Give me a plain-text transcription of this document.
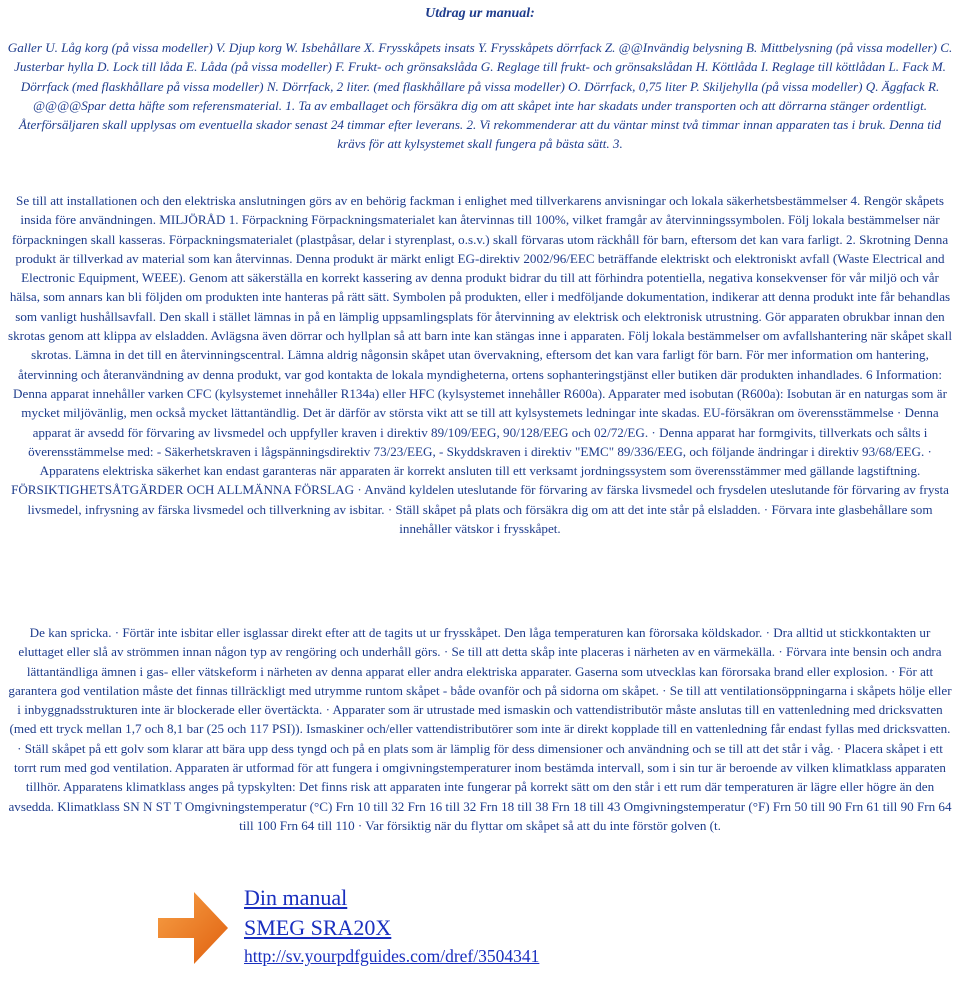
Utdrag ur manual:
Galler U. Låg korg (på vissa modeller) V. Djup korg W. Isbehållare X. Frysskåpets insats Y. Frysskåpets dörrfack Z. @@Invändig belysning B. Mittbelysning (på vissa modeller) C. Justerbar hylla D. Lock till låda E. Låda (på vissa modeller) F. Frukt- och grönsakslåda G. Reglage till frukt- och grönsakslådan H. Köttlåda I. Reglage till köttlådan L. Fack M. Dörrfack (med flaskhållare på vissa modeller) N. Dörrfack, 2 liter. (med flaskhållare på vissa modeller) O. Dörrfack, 0,75 liter P. Skiljehylla (på vissa modeller) Q. Äggfack R. @@@@Spar detta häfte som referensmaterial. 1. Ta av emballaget och försäkra dig om att skåpet inte har skadats under transporten och att dörrarna stänger ordentligt. Återförsäljaren skall upplysas om eventuella skador senast 24 timmar efter leverans. 2. Vi rekommenderar att du väntar minst två timmar innan apparaten tas i bruk. Denna tid krävs för att kylsystemet skall fungera på bästa sätt. 3.
Se till att installationen och den elektriska anslutningen görs av en behörig fackman i enlighet med tillverkarens anvisningar och lokala säkerhetsbestämmelser 4. Rengör skåpets insida före användningen. MILJÖRÅD 1. Förpackning Förpackningsmaterialet kan återvinnas till 100%, vilket framgår av återvinningssymbolen. Följ lokala bestämmelser när förpackningen skall kasseras. Förpackningsmaterialet (plastpåsar, delar i styrenplast, o.s.v.) skall förvaras utom räckhåll för barn, eftersom det kan vara farligt. 2. Skrotning Denna produkt är tillverkad av material som kan återvinnas. Denna produkt är märkt enligt EG-direktiv 2002/96/EEC beträffande elektriskt och elektroniskt avfall (Waste Electrical and Electronic Equipment, WEEE). Genom att säkerställa en korrekt kassering av denna produkt bidrar du till att förhindra potentiella, negativa konsekvenser för vår miljö och vår hälsa, som annars kan bli följden om produkten inte hanteras på rätt sätt. Symbolen på produkten, eller i medföljande dokumentation, indikerar att denna produkt inte får behandlas som vanligt hushållsavfall. Den skall i stället lämnas in på en lämplig uppsamlingsplats för återvinning av elektrisk och elektronisk utrustning. Gör apparaten obrukbar innan den skrotas genom att klippa av elsladden. Avlägsna även dörrar och hyllplan så att barn inte kan stängas inne i apparaten. Följ lokala bestämmelser om avfallshantering när skåpet skall skrotas. Lämna in det till en återvinningscentral. Lämna aldrig någonsin skåpet utan övervakning, eftersom det kan vara farligt för barn. För mer information om hantering, återvinning och återanvändning av denna produkt, var god kontakta de lokala myndigheterna, ortens sophanteringstjänst eller butiken där produkten inhandlades. 6 Information: Denna apparat innehåller varken CFC (kylsystemet innehåller R134a) eller HFC (kylsystemet innehåller R600a). Apparater med isobutan (R600a): Isobutan är en naturgas som är mycket miljövänlig, men också mycket lättantändlig. Det är därför av största vikt att se till att kylsystemets ledningar inte skadas. EU-försäkran om överensstämmelse · Denna apparat är avsedd för förvaring av livsmedel och uppfyller kraven i direktiv 89/109/EEG, 90/128/EEG och 02/72/EG. · Denna apparat har formgivits, tillverkats och sålts i överensstämmelse med: - Säkerhetskraven i lågspänningsdirektiv 73/23/EEG, - Skyddskraven i direktiv "EMC" 89/336/EEG, och följande ändringar i direktiv 93/68/EEG. · Apparatens elektriska säkerhet kan endast garanteras när apparaten är korrekt ansluten till ett verksamt jordningssystem som överensstämmer med gällande lagstiftning. FÖRSIKTIGHETSÅTGÄRDER OCH ALLMÄNNA FÖRSLAG · Använd kyldelen uteslutande för förvaring av färska livsmedel och frysdelen uteslutande för förvaring av frysta livsmedel, infrysning av färska livsmedel och tillverkning av isbitar. · Ställ skåpet på plats och försäkra dig om att det inte står på elsladden. · Förvara inte glasbehållare som innehåller vätskor i frysskåpet.
De kan spricka. · Förtär inte isbitar eller isglassar direkt efter att de tagits ut ur frysskåpet. Den låga temperaturen kan förorsaka köldskador. · Dra alltid ut stickkontakten ur eluttaget eller slå av strömmen innan någon typ av rengöring och underhåll görs. · Se till att detta skåp inte placeras i närheten av en värmekälla. · Förvara inte bensin och andra lättantändliga ämnen i gas- eller vätskeform i närheten av denna apparat eller andra elektriska apparater. Gaserna som utvecklas kan förorsaka brand eller explosion. · För att garantera god ventilation måste det finnas tillräckligt med utrymme runtom skåpet - både ovanför och på sidorna om skåpet. · Se till att ventilationsöppningarna i skåpets hölje eller i inbyggnadsstrukturen inte är blockerade eller övertäckta. · Apparater som är utrustade med ismaskin och vattendistributör måste anslutas till en vattenledning med dricksvatten (med ett tryck mellan 1,7 och 8,1 bar (25 och 117 PSI)). Ismaskiner och/eller vattendistributörer som inte är direkt kopplade till en vattenledning får endast fyllas med dricksvatten. · Ställ skåpet på ett golv som klarar att bära upp dess tyngd och på en plats som är lämplig för dess dimensioner och användning och se till att det står i våg. · Placera skåpet i ett torrt rum med god ventilation. Apparaten är utformad för att fungera i omgivningstemperaturer inom bestämda intervall, som i sin tur är beroende av vilken klimatklass apparaten tillhör. Apparatens klimatklass anges på typskylten: Det finns risk att apparaten inte fungerar på korrekt sätt om den står i ett rum där temperaturen är lägre eller högre än den avsedda. Klimatklass SN N ST T Omgivningstemperatur (°C) Frn 10 till 32 Frn 16 till 32 Frn 18 till 38 Frn 18 till 43 Omgivningstemperatur (°F) Frn 50 till 90 Frn 61 till 90 Frn 64 till 100 Frn 64 till 110 · Var försiktig när du flyttar om skåpet så att du inte förstör golven (t.
Din manual
SMEG SRA20X
http://sv.yourpdfguides.com/dref/3504341
